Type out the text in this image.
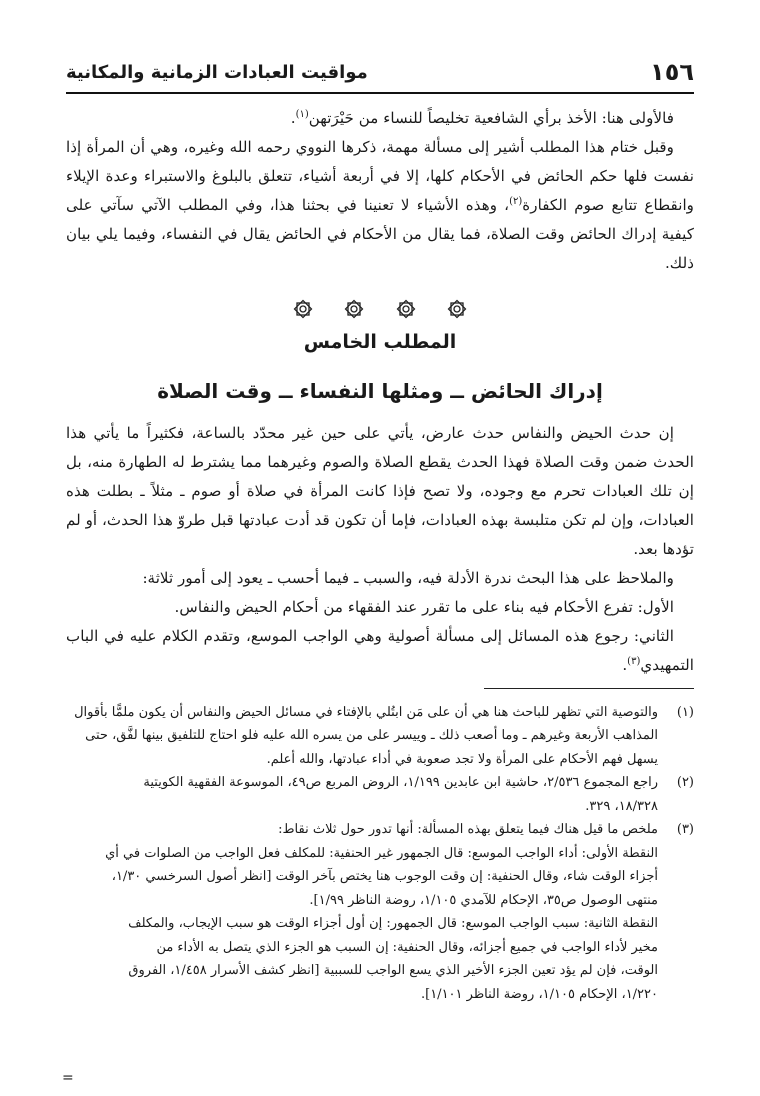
١٥٦
مواقيت العبادات الزمانية والمكانية

فالأولى هنا: الأخذ برأي الشافعية تخليصاً للنساء من حَيْرَتهن$^{(١)}$.

وقبل ختام هذا المطلب أشير إلى مسألة مهمة، ذكرها النووي رحمه الله وغيره، وهي أن المرأة إذا نفست فلها حكم الحائض في الأحكام كلها، إلا في أربعة أشياء، تتعلق بالبلوغ والاستبراء وعدة الإيلاء وانقطاع تتابع صوم الكفارة$^{(٢)}$، وهذه الأشياء لا تعنينا في بحثنا هذا، وفي المطلب الآتي سآتي على كيفية إدراك الحائض وقت الصلاة، فما يقال من الأحكام في الحائض يقال في النفساء، وفيما يلي بيان ذلك.

المطلب الخامس
إدراك الحائض ــ ومثلها النفساء ــ وقت الصلاة

إن حدث الحيض والنفاس حدث عارض، يأتي على حين غير محدّد بالساعة، فكثيراً ما يأتي هذا الحدث ضمن وقت الصلاة فهذا الحدث يقطع الصلاة والصوم وغيرهما مما يشترط له الطهارة منه، بل إن تلك العبادات تحرم مع وجوده، ولا تصح فإذا كانت المرأة في صلاة أو صوم ـ مثلاً ـ بطلت هذه العبادات، وإن لم تكن متلبسة بهذه العبادات، فإما أن تكون قد أدت عبادتها قبل طروّ هذا الحدث، أو لم تؤدها بعد.

والملاحظ على هذا البحث ندرة الأدلة فيه، والسبب ـ فيما أحسب ـ يعود إلى أمور ثلاثة:

الأول: تفرع الأحكام فيه بناء على ما تقرر عند الفقهاء من أحكام الحيض والنفاس.

الثاني: رجوع هذه المسائل إلى مسألة أصولية وهي الواجب الموسع، وتقدم الكلام عليه في الباب التمهيدي$^{(٣)}$.

(١)
والتوصية التي تظهر للباحث هنا هي أن على مَن ابتُلي بالإفتاء في مسائل الحيض والنفاس أن يكون ملمًّا بأقوال
المذاهب الأربعة وغيرهم ـ وما أصعب ذلك ـ وييسر على من يسره الله عليه فلو احتاج للتلفيق بينها لفَّق، حتى
يسهل فهم الأحكام على المرأة ولا تجد صعوبة في أداء عبادتها، والله أعلم.
(٢)
راجع المجموع ٢/٥٣٦، حاشية ابن عابدين ١/١٩٩، الروض المربع ص٤٩، الموسوعة الفقهية الكويتية
١٨/٣٢٨، ٣٢٩.
(٣)
ملخص ما قيل هناك فيما يتعلق بهذه المسألة: أنها تدور حول ثلاث نقاط:
النقطة الأولى: أداء الواجب الموسع: قال الجمهور غير الحنفية: للمكلف فعل الواجب من الصلوات في أي
أجزاء الوقت شاء، وقال الحنفية: إن وقت الوجوب هنا يختص بآخر الوقت [انظر أصول السرخسي ١/٣٠،
منتهى الوصول ص٣٥، الإحكام للآمدي ١/١٠٥، روضة الناظر ١/٩٩].
النقطة الثانية: سبب الواجب الموسع: قال الجمهور: إن أول أجزاء الوقت هو سبب الإيجاب، والمكلف
مخير لأداء الواجب في جميع أجزائه، وقال الحنفية: إن السبب هو الجزء الذي يتصل به الأداء من
الوقت، فإن لم يؤد تعين الجزء الأخير الذي يسع الواجب للسببية [انظر كشف الأسرار ١/٤٥٨، الفروق
١/٢٢٠، الإحكام ١/١٠٥، روضة الناظر ١/١٠١].
=
